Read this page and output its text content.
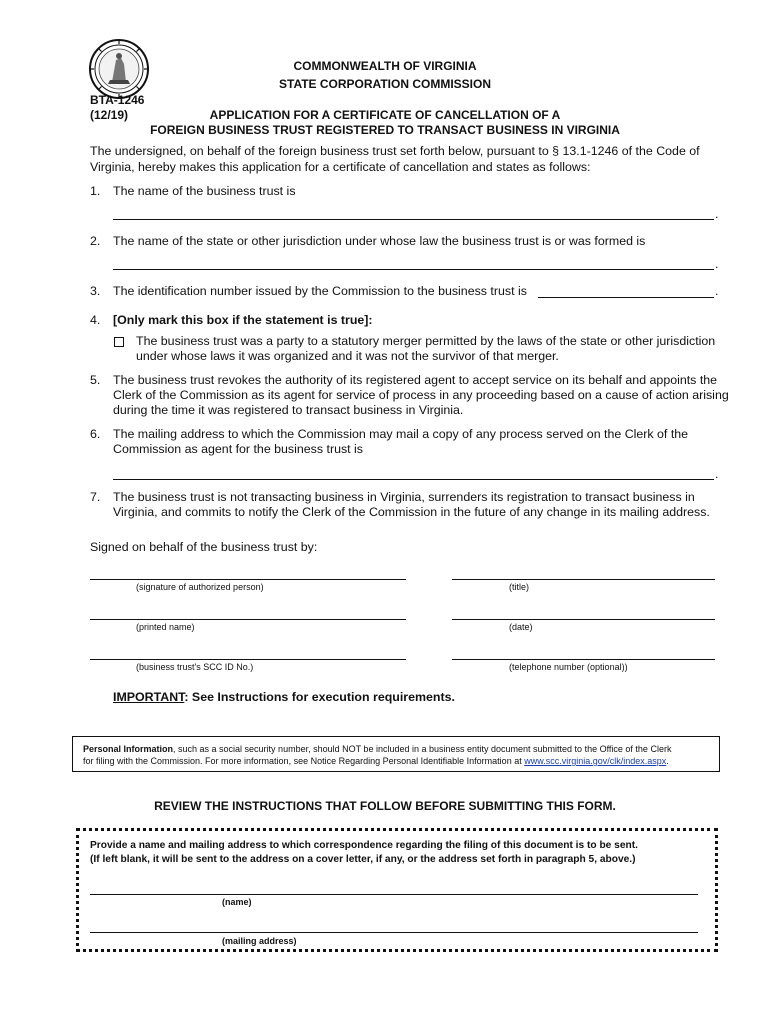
COMMONWEALTH OF VIRGINIA
STATE CORPORATION COMMISSION
BTA-1246
(12/19)	APPLICATION FOR A CERTIFICATE OF CANCELLATION OF A
FOREIGN BUSINESS TRUST REGISTERED TO TRANSACT BUSINESS IN VIRGINIA
The undersigned, on behalf of the foreign business trust set forth below, pursuant to § 13.1-1246 of the Code of
Virginia, hereby makes this application for a certificate of cancellation and states as follows:
1. The name of the business trust is
.
2. The name of the state or other jurisdiction under whose law the business trust is or was formed is
.
3. The identification number issued by the Commission to the business trust is	.
4. [Only mark this box if the statement is true]:
The business trust was a party to a statutory merger permitted by the laws of the state or other jurisdiction
under whose laws it was organized and it was not the survivor of that merger.
5. The business trust revokes the authority of its registered agent to accept service on its behalf and appoints the
Clerk of the Commission as its agent for service of process in any proceeding based on a cause of action arising
during the time it was registered to transact business in Virginia.
6. The mailing address to which the Commission may mail a copy of any process served on the Clerk of the
Commission as agent for the business trust is
.
7. The business trust is not transacting business in Virginia, surrenders its registration to transact business in
Virginia, and commits to notify the Clerk of the Commission in the future of any change in its mailing address.
Signed on behalf of the business trust by:
(signature of authorized person)	(title)
(printed name)	(date)
(business trust's SCC ID No.)	(telephone number (optional))
IMPORTANT: See Instructions for execution requirements.
Personal Information, such as a social security number, should NOT be included in a business entity document submitted to the Office of the Clerk
for filing with the Commission. For more information, see Notice Regarding Personal Identifiable Information at www.scc.virginia.gov/clk/index.aspx.
REVIEW THE INSTRUCTIONS THAT FOLLOW BEFORE SUBMITTING THIS FORM.
Provide a name and mailing address to which correspondence regarding the filing of this document is to be sent.
(If left blank, it will be sent to the address on a cover letter, if any, or the address set forth in paragraph 5, above.)
(name)
(mailing address)
